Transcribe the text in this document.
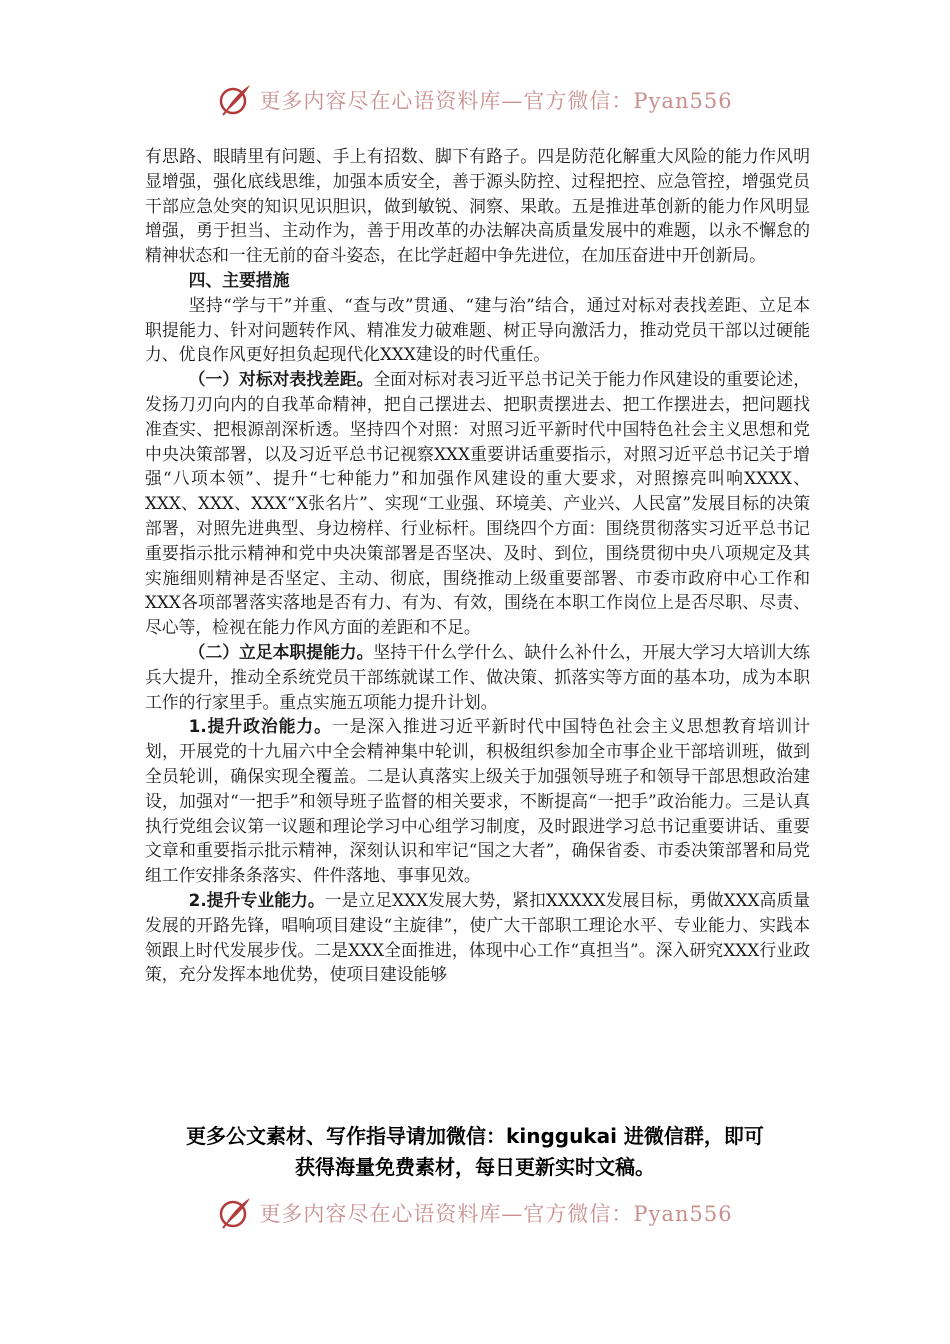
更多内容尽在心语资料库—官方微信：Pyan556

有思路、眼睛里有问题、手上有招数、脚下有路子。四是防范化解重大风险的能力作风明显增强，强化底线思维，加强本质安全，善于源头防控、过程把控、应急管控，增强党员干部应急处突的知识见识胆识，做到敏锐、洞察、果敢。五是推进革创新的能力作风明显增强，勇于担当、主动作为，善于用改革的办法解决高质量发展中的难题，以永不懈怠的精神状态和一往无前的奋斗姿态，在比学赶超中争先进位，在加压奋进中开创新局。

四、主要措施

坚持“学与干”并重、“查与改”贯通、“建与治”结合，通过对标对表找差距、立足本职提能力、针对问题转作风、精准发力破难题、树正导向激活力，推动党员干部以过硬能力、优良作风更好担负起现代化XXX建设的时代重任。

（一）对标对表找差距。全面对标对表习近平总书记关于能力作风建设的重要论述，发扬刀刃向内的自我革命精神，把自己摆进去、把职责摆进去、把工作摆进去，把问题找准查实、把根源剖深析透。坚持四个对照：对照习近平新时代中国特色社会主义思想和党中央决策部署，以及习近平总书记视察XXX重要讲话重要指示，对照习近平总书记关于增强“八项本领”、提升“七种能力”和加强作风建设的重大要求，对照擦亮叫响XXXX、XXX、XXX、XXX“X张名片”、实现“工业强、环境美、产业兴、人民富”发展目标的决策部署，对照先进典型、身边榜样、行业标杆。围绕四个方面：围绕贯彻落实习近平总书记重要指示批示精神和党中央决策部署是否坚决、及时、到位，围绕贯彻中央八项规定及其实施细则精神是否坚定、主动、彻底，围绕推动上级重要部署、市委市政府中心工作和XXX各项部署落实落地是否有力、有为、有效，围绕在本职工作岗位上是否尽职、尽责、尽心等，检视在能力作风方面的差距和不足。

（二）立足本职提能力。坚持干什么学什么、缺什么补什么，开展大学习大培训大练兵大提升，推动全系统党员干部练就谋工作、做决策、抓落实等方面的基本功，成为本职工作的行家里手。重点实施五项能力提升计划。

1.提升政治能力。一是深入推进习近平新时代中国特色社会主义思想教育培训计划，开展党的十九届六中全会精神集中轮训，积极组织参加全市事企业干部培训班，做到全员轮训，确保实现全覆盖。二是认真落实上级关于加强领导班子和领导干部思想政治建设，加强对“一把手”和领导班子监督的相关要求，不断提高“一把手”政治能力。三是认真执行党组会议第一议题和理论学习中心组学习制度，及时跟进学习总书记重要讲话、重要文章和重要指示批示精神，深刻认识和牢记“国之大者”，确保省委、市委决策部署和局党组工作安排条条落实、件件落地、事事见效。

2.提升专业能力。一是立足XXX发展大势，紧扣XXXXX发展目标，勇做XXX高质量发展的开路先锋，唱响项目建设“主旋律”，使广大干部职工理论水平、专业能力、实践本领跟上时代发展步伐。二是XXX全面推进，体现中心工作“真担当”。深入研究XXX行业政策，充分发挥本地优势，使项目建设能够

更多公文素材、写作指导请加微信：kinggukai 进微信群，即可
获得海量免费素材，每日更新实时文稿。
更多内容尽在心语资料库—官方微信：Pyan556
